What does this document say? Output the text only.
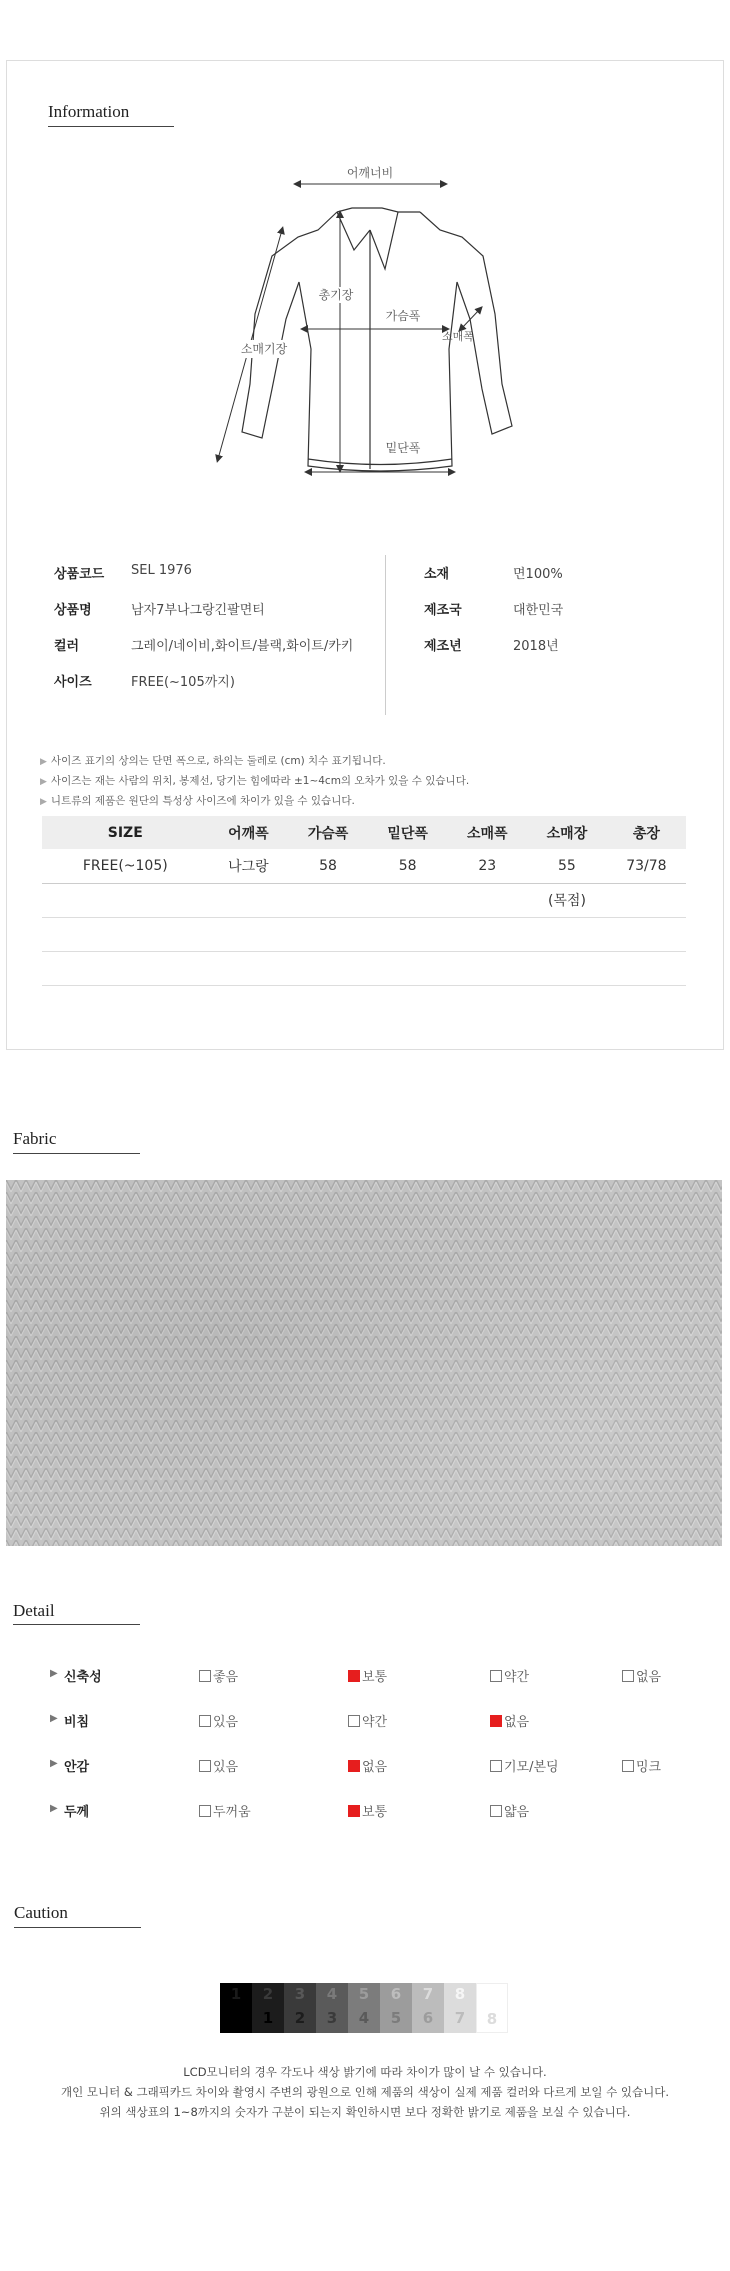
Information
어깨너비
총기장
가슴폭
소매폭
소매기장
밑단폭
상품코드 SEL 1976
상품명	남자7부나그랑긴팔면티
컬러	그레이/네이비,화이트/블랙,화이트/카키
사이즈	FREE(~105까지)
소재	면100%
제조국	대한민국
제조년	2018년
▶ 사이즈 표기의 상의는 단면 폭으로, 하의는 둘레로 (cm) 치수 표기됩니다.
▶ 사이즈는 재는 사람의 위치, 봉제선, 당기는 힘에따라 ±1~4cm의 오차가 있을 수 있습니다.
▶ 니트류의 제품은 원단의 특성상 사이즈에 차이가 있을 수 있습니다.
SIZE	어깨폭	가슴폭	밑단폭	소매폭	소매장	총장
FREE(~105)	나그랑	58	58	23	55	73/78
					(목점)	

Fabric
Detail
▶ 신축성	좋음	보통	약간	없음
▶ 비침	있음	약간	없음
▶ 안감	있음	없음	기모/본딩	밍크
▶ 두께	두꺼움	보통	얇음
Caution
1	2
1
3
2
4
3
5
4
6
5
7
6
8
7	8
LCD모니터의 경우 각도나 색상 밝기에 따라 차이가 많이 날 수 있습니다.
개인 모니터 & 그래픽카드 차이와 촬영시 주변의 광원으로 인해 제품의 색상이 실제 제품 컬러와 다르게 보일 수 있습니다.
위의 색상표의 1~8까지의 숫자가 구분이 되는지 확인하시면 보다 정확한 밝기로 제품을 보실 수 있습니다.
